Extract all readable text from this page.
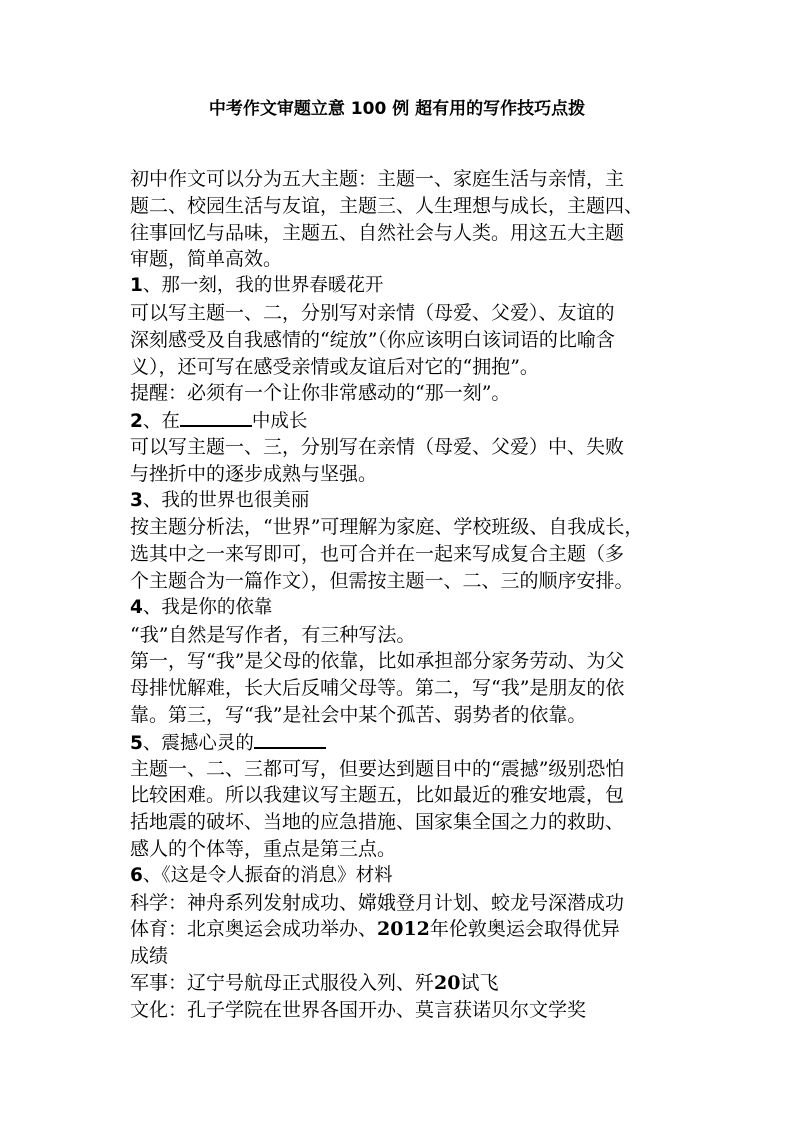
中考作文审题立意 100 例 超有用的写作技巧点拨
初中作文可以分为五大主题：主题一、家庭生活与亲情，主
题二、校园生活与友谊，主题三、人生理想与成长，主题四、
往事回忆与品味，主题五、自然社会与人类。用这五大主题
审题，简单高效。
1、那一刻，我的世界春暖花开
可以写主题一、二，分别写对亲情（母爱、父爱）、友谊的
深刻感受及自我感情的“绽放”（你应该明白该词语的比喻含
义），还可写在感受亲情或友谊后对它的“拥抱”。
提醒：必须有一个让你非常感动的“那一刻”。
2、在	中成长
可以写主题一、三，分别写在亲情（母爱、父爱）中、失败
与挫折中的逐步成熟与坚强。
3、我的世界也很美丽
按主题分析法，“世界”可理解为家庭、学校班级、自我成长，
选其中之一来写即可，也可合并在一起来写成复合主题（多
个主题合为一篇作文），但需按主题一、二、三的顺序安排。
4、我是你的依靠
“我”自然是写作者，有三种写法。
第一，写“我”是父母的依靠，比如承担部分家务劳动、为父
母排忧解难，长大后反哺父母等。第二，写“我”是朋友的依
靠。第三，写“我”是社会中某个孤苦、弱势者的依靠。
5、震撼心灵的
主题一、二、三都可写，但要达到题目中的“震撼”级别恐怕
比较困难。所以我建议写主题五，比如最近的雅安地震，包
括地震的破坏、当地的应急措施、国家集全国之力的救助、
感人的个体等，重点是第三点。
6、《这是令人振奋的消息》材料
科学：神舟系列发射成功、嫦娥登月计划、蛟龙号深潜成功
体育：北京奥运会成功举办、2012年伦敦奥运会取得优异
成绩
军事：辽宁号航母正式服役入列、歼20试飞
文化：孔子学院在世界各国开办、莫言获诺贝尔文学奖
